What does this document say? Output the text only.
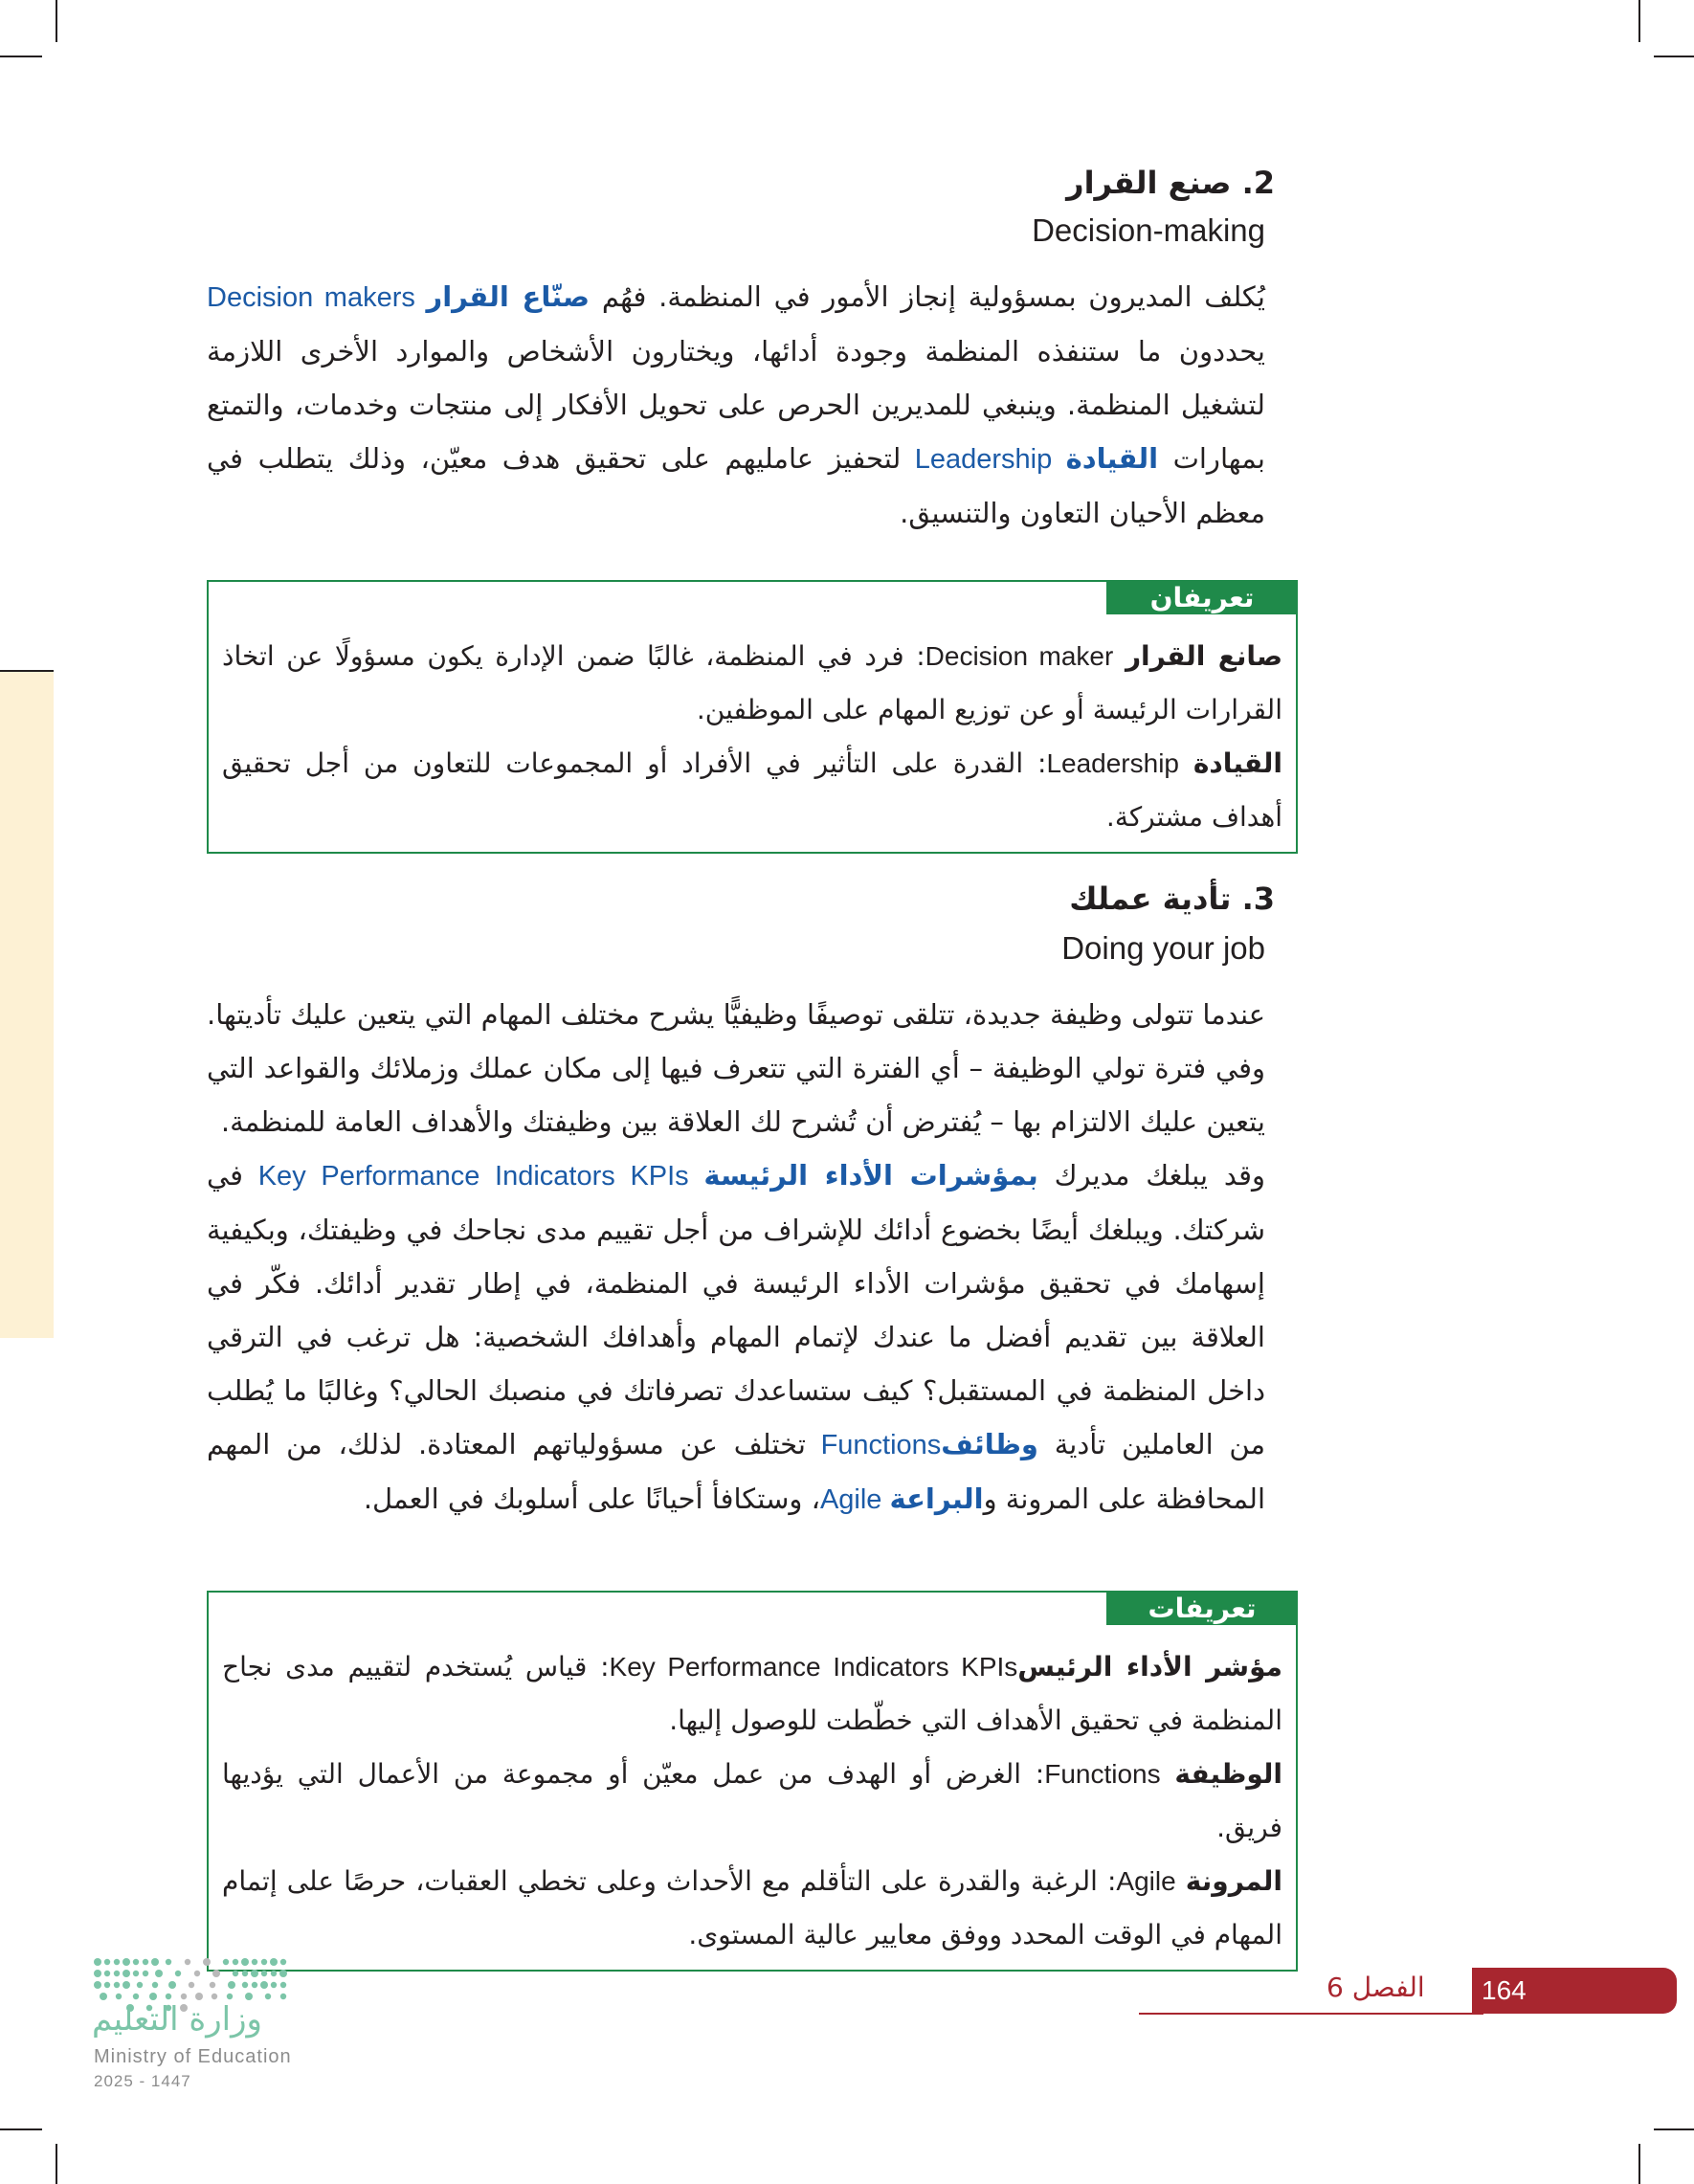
2. صنع القرار
Decision-making

يُكلف المديرون بمسؤولية إنجاز الأمور في المنظمة. فهُم صنّاع القرار Decision makers يحددون ما ستنفذه المنظمة وجودة أدائها، ويختارون الأشخاص والموارد الأخرى اللازمة لتشغيل المنظمة. وينبغي للمديرين الحرص على تحويل الأفكار إلى منتجات وخدمات، والتمتع بمهارات القيادة Leadership لتحفيز عامليهم على تحقيق هدف معيّن، وذلك يتطلب في معظم الأحيان التعاون والتنسيق.

تعريفان

صانع القرار Decision maker: فرد في المنظمة، غالبًا ضمن الإدارة يكون مسؤولًا عن اتخاذ القرارات الرئيسة أو عن توزيع المهام على الموظفين.

القيادة Leadership: القدرة على التأثير في الأفراد أو المجموعات للتعاون من أجل تحقيق أهداف مشتركة.

3. تأدية عملك
Doing your job

عندما تتولى وظيفة جديدة، تتلقى توصيفًا وظيفيًّا يشرح مختلف المهام التي يتعين عليك تأديتها. وفي فترة تولي الوظيفة – أي الفترة التي تتعرف فيها إلى مكان عملك وزملائك والقواعد التي يتعين عليك الالتزام بها – يُفترض أن تُشرح لك العلاقة بين وظيفتك والأهداف العامة للمنظمة.

وقد يبلغك مديرك بمؤشرات الأداء الرئيسة Key Performance Indicators KPIs في شركتك. ويبلغك أيضًا بخضوع أدائك للإشراف من أجل تقييم مدى نجاحك في وظيفتك، وبكيفية إسهامك في تحقيق مؤشرات الأداء الرئيسة في المنظمة، في إطار تقدير أدائك. فكّر في العلاقة بين تقديم أفضل ما عندك لإتمام المهام وأهدافك الشخصية: هل ترغب في الترقي داخل المنظمة في المستقبل؟ كيف ستساعدك تصرفاتك في منصبك الحالي؟ وغالبًا ما يُطلب من العاملين تأدية وظائفFunctions تختلف عن مسؤولياتهم المعتادة. لذلك، من المهم المحافظة على المرونة والبراعة Agile، وستكافأ أحيانًا على أسلوبك في العمل.

تعريفات

مؤشر الأداء الرئيسKey Performance Indicators KPIs: قياس يُستخدم لتقييم مدى نجاح المنظمة في تحقيق الأهداف التي خطّطت للوصول إليها.

الوظيفة Functions: الغرض أو الهدف من عمل معيّن أو مجموعة من الأعمال التي يؤديها فريق.

المرونة Agile: الرغبة والقدرة على التأقلم مع الأحداث وعلى تخطي العقبات، حرصًا على إتمام المهام في الوقت المحدد ووفق معايير عالية المستوى.

164
الفصل 6
وزارة التعليم
Ministry of Education
2025 - 1447
